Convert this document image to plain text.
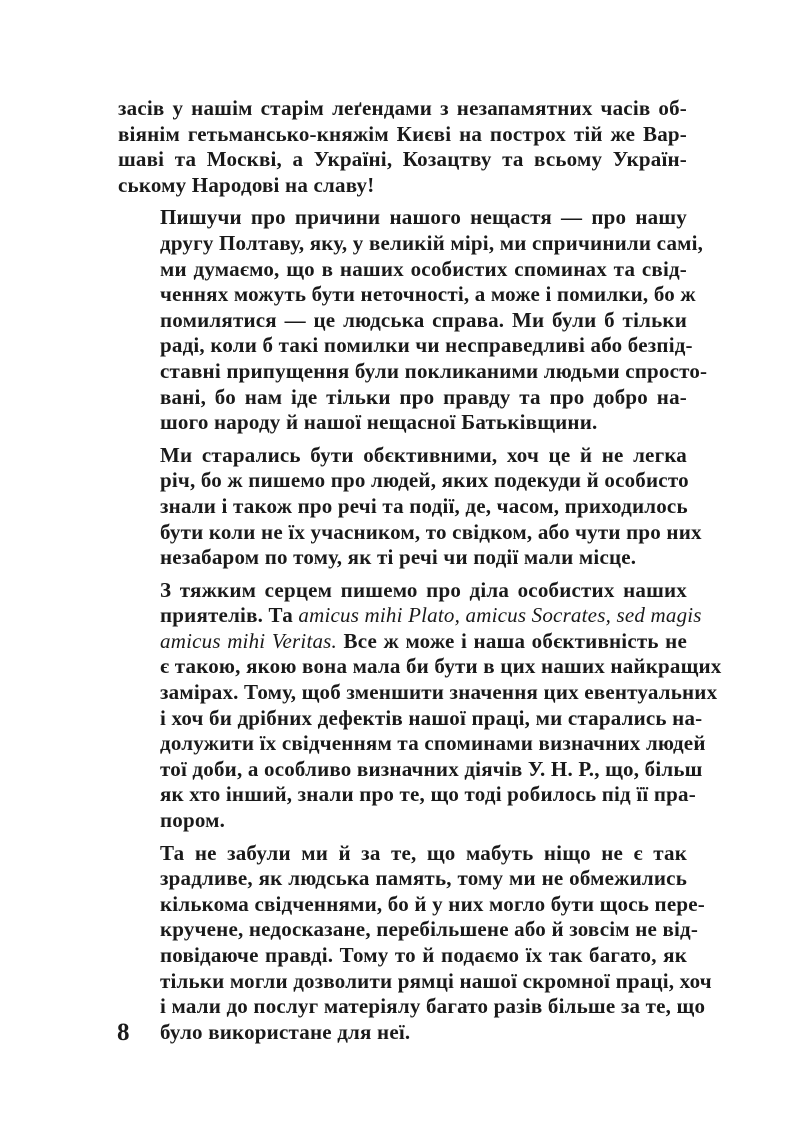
засів у нашім старім леґендами з незапамятних часів об-
віянім гетьмансько-княжім Києві на построх тій же Вар-
шаві та Москві, а Україні, Козацтву та всьому Україн-
ському Народові на славу!
Пишучи про причини нашого нещастя — про нашу
другу Полтаву, яку, у великій мірі, ми спричинили самі,
ми думаємо, що в наших особистих споминах та свід-
ченнях можуть бути неточності, а може і помилки, бо ж
помилятися — це людська справа. Ми були б тільки
раді, коли б такі помилки чи несправедливі або безпід-
ставні припущення були покликаними людьми спросто-
вані, бо нам іде тільки про правду та про добро на-
шого народу й нашої нещасної Батьківщини.
Ми старались бути обєктивними, хоч це й не легка
річ, бо ж пишемо про людей, яких подекуди й особисто
знали і також про речі та події, де, часом, приходилось
бути коли не їх учасником, то свідком, або чути про них
незабаром по тому, як ті речі чи події мали місце.
З тяжким серцем пишемо про діла особистих наших
приятелів. Та amicus mihi Plato, amicus Socrates, sed magis
amicus mihi Veritas. Все ж може і наша обєктивність не
є такою, якою вона мала би бути в цих наших найкращих
замірах. Тому, щоб зменшити значення цих евентуальних
і хоч би дрібних дефектів нашої праці, ми старались на-
долужити їх свідченням та споминами визначних людей
тої доби, а особливо визначних діячів У. Н. Р., що, більш
як хто інший, знали про те, що тоді робилось під її пра-
пором.
Та не забули ми й за те, що мабуть ніщо не є так
зрадливе, як людська память, тому ми не обмежились
кількома свідченнями, бо й у них могло бути щось пере-
кручене, недосказане, перебільшене або й зовсім не від-
повідаюче правді. Тому то й подаємо їх так багато, як
тільки могли дозволити рямці нашої скромної праці, хоч
і мали до послуг матеріялу багато разів більше за те, що
було використане для неї.
8
